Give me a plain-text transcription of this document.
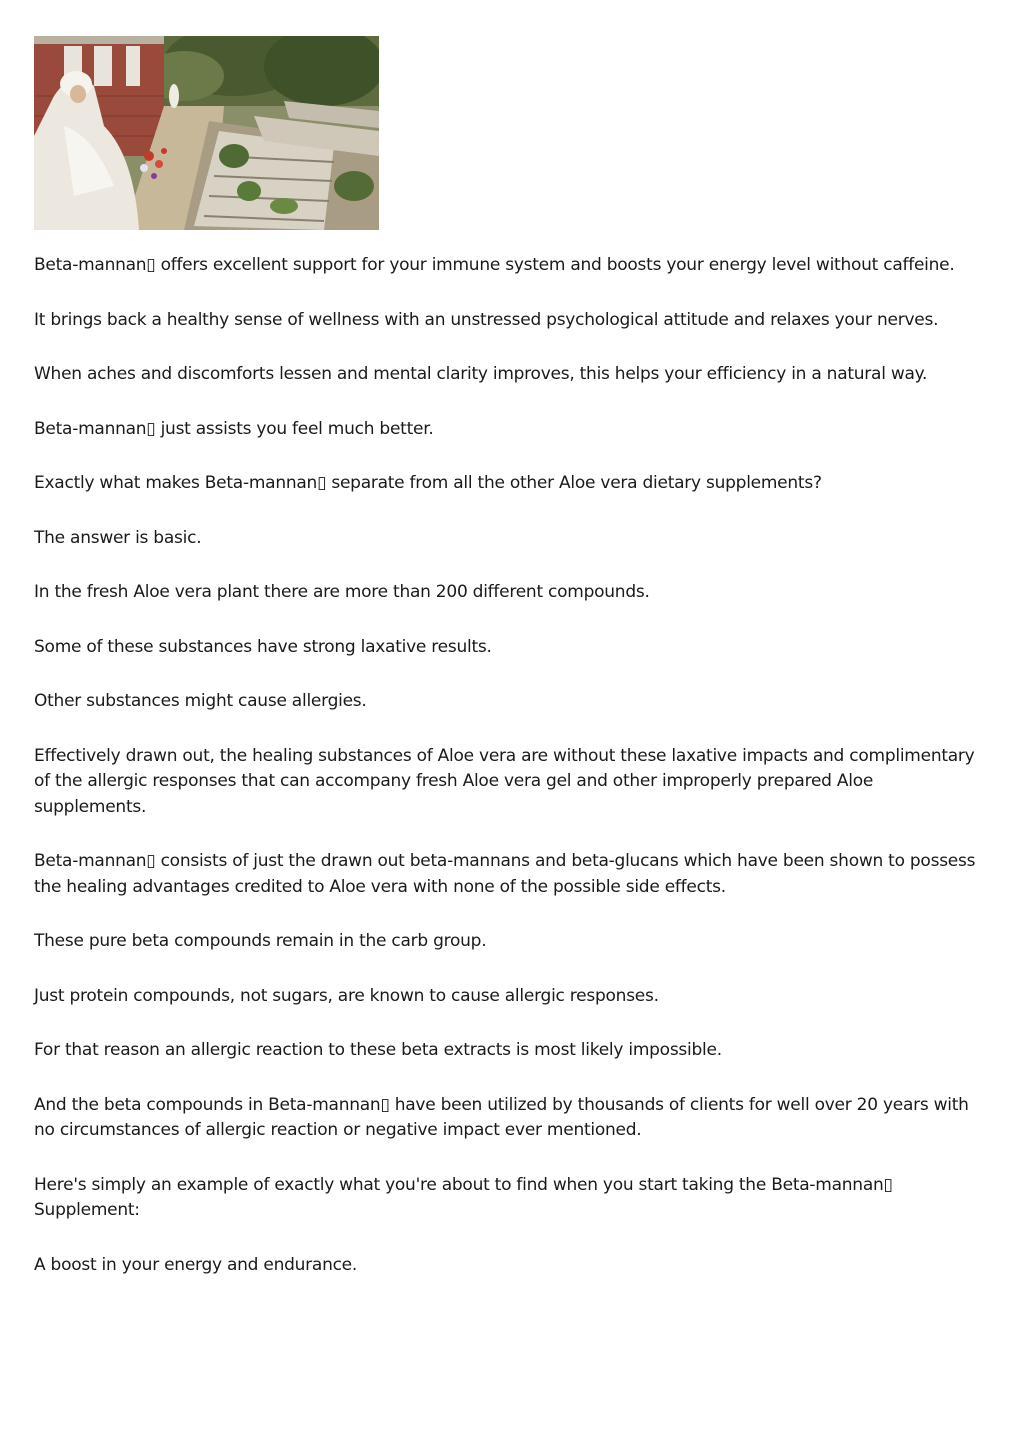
Beta-mannan▯ offers excellent support for your immune system and boosts your energy level without caffeine.

It brings back a healthy sense of wellness with an unstressed psychological attitude and relaxes your nerves.

When aches and discomforts lessen and mental clarity improves, this helps your efficiency in a natural way.

Beta-mannan▯ just assists you feel much better.

Exactly what makes Beta-mannan▯ separate from all the other Aloe vera dietary supplements?

The answer is basic.

In the fresh Aloe vera plant there are more than 200 different compounds.

Some of these substances have strong laxative results.

Other substances might cause allergies.

Effectively drawn out, the healing substances of Aloe vera are without these laxative impacts and complimentary of the allergic responses that can accompany fresh Aloe vera gel and other improperly prepared Aloe supplements.

Beta-mannan▯ consists of just the drawn out beta-mannans and beta-glucans which have been shown to possess the healing advantages credited to Aloe vera with none of the possible side effects.

These pure beta compounds remain in the carb group.

Just protein compounds, not sugars, are known to cause allergic responses.

For that reason an allergic reaction to these beta extracts is most likely impossible.

And the beta compounds in Beta-mannan▯ have been utilized by thousands of clients for well over 20 years with no circumstances of allergic reaction or negative impact ever mentioned.

Here's simply an example of exactly what you're about to find when you start taking the Beta-mannan▯ Supplement:

A boost in your energy and endurance.
